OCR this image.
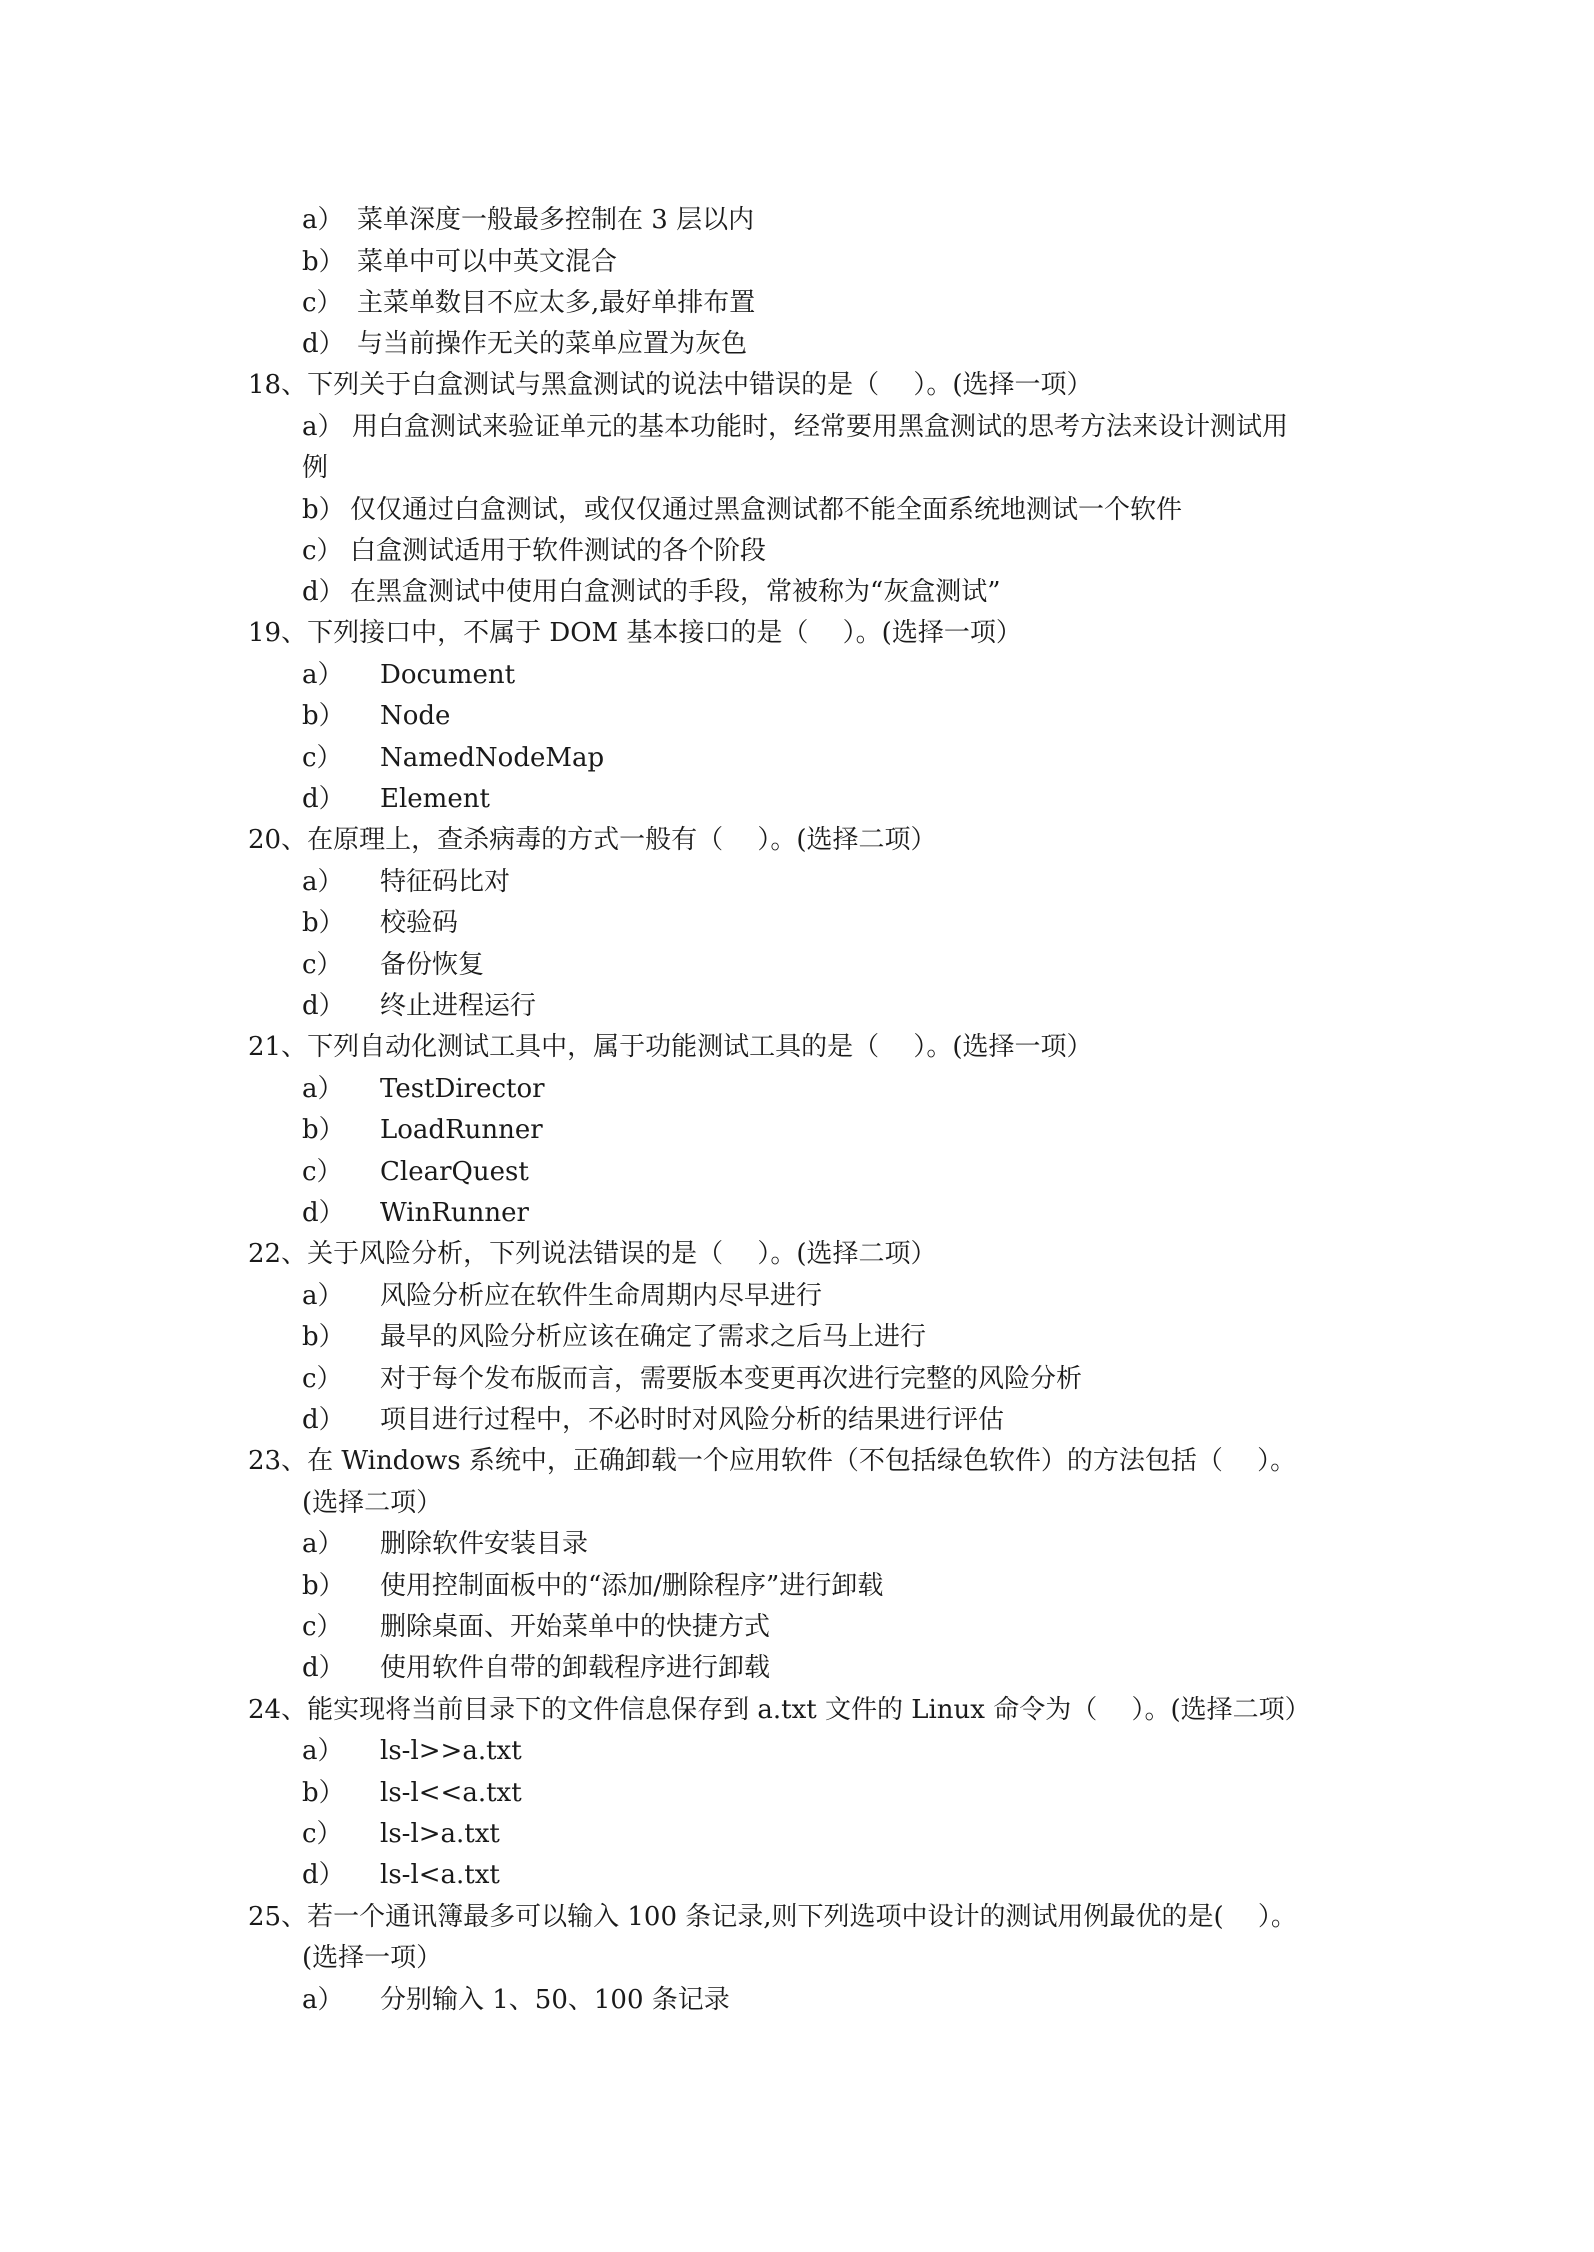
a） 菜单深度一般最多控制在 3 层以内
b） 菜单中可以中英文混合
c） 主菜单数目不应太多,最好单排布置
d） 与当前操作无关的菜单应置为灰色
18、下列关于白盒测试与黑盒测试的说法中错误的是（　 ）。(选择一项）
a） 用白盒测试来验证单元的基本功能时，经常要用黑盒测试的思考方法来设计测试用
例
b） 仅仅通过白盒测试，或仅仅通过黑盒测试都不能全面系统地测试一个软件
c） 白盒测试适用于软件测试的各个阶段
d） 在黑盒测试中使用白盒测试的手段，常被称为“灰盒测试”
19、下列接口中，不属于 DOM 基本接口的是（　 ）。(选择一项）
a） Document
b） Node
c） NamedNodeMap
d） Element
20、在原理上，查杀病毒的方式一般有（　 ）。(选择二项）
a） 特征码比对
b） 校验码
c） 备份恢复
d） 终止进程运行
21、下列自动化测试工具中，属于功能测试工具的是（　 ）。(选择一项）
a） TestDirector
b） LoadRunner
c） ClearQuest
d） WinRunner
22、关于风险分析，下列说法错误的是（　 ）。(选择二项）
a） 风险分析应在软件生命周期内尽早进行
b） 最早的风险分析应该在确定了需求之后马上进行
c） 对于每个发布版而言，需要版本变更再次进行完整的风险分析
d） 项目进行过程中，不必时时对风险分析的结果进行评估
23、在 Windows 系统中，正确卸载一个应用软件（不包括绿色软件）的方法包括（　 ）。
(选择二项）
a） 删除软件安装目录
b） 使用控制面板中的“添加/删除程序”进行卸载
c） 删除桌面、开始菜单中的快捷方式
d） 使用软件自带的卸载程序进行卸载
24、能实现将当前目录下的文件信息保存到 a.txt 文件的 Linux 命令为（　 ）。(选择二项）
a） ls-l>>a.txt
b） ls-l<<a.txt
c） ls-l>a.txt
d） ls-l<a.txt
25、若一个通讯簿最多可以输入 100 条记录,则下列选项中设计的测试用例最优的是(　 ）。
(选择一项）
a） 分别输入 1、50、100 条记录
